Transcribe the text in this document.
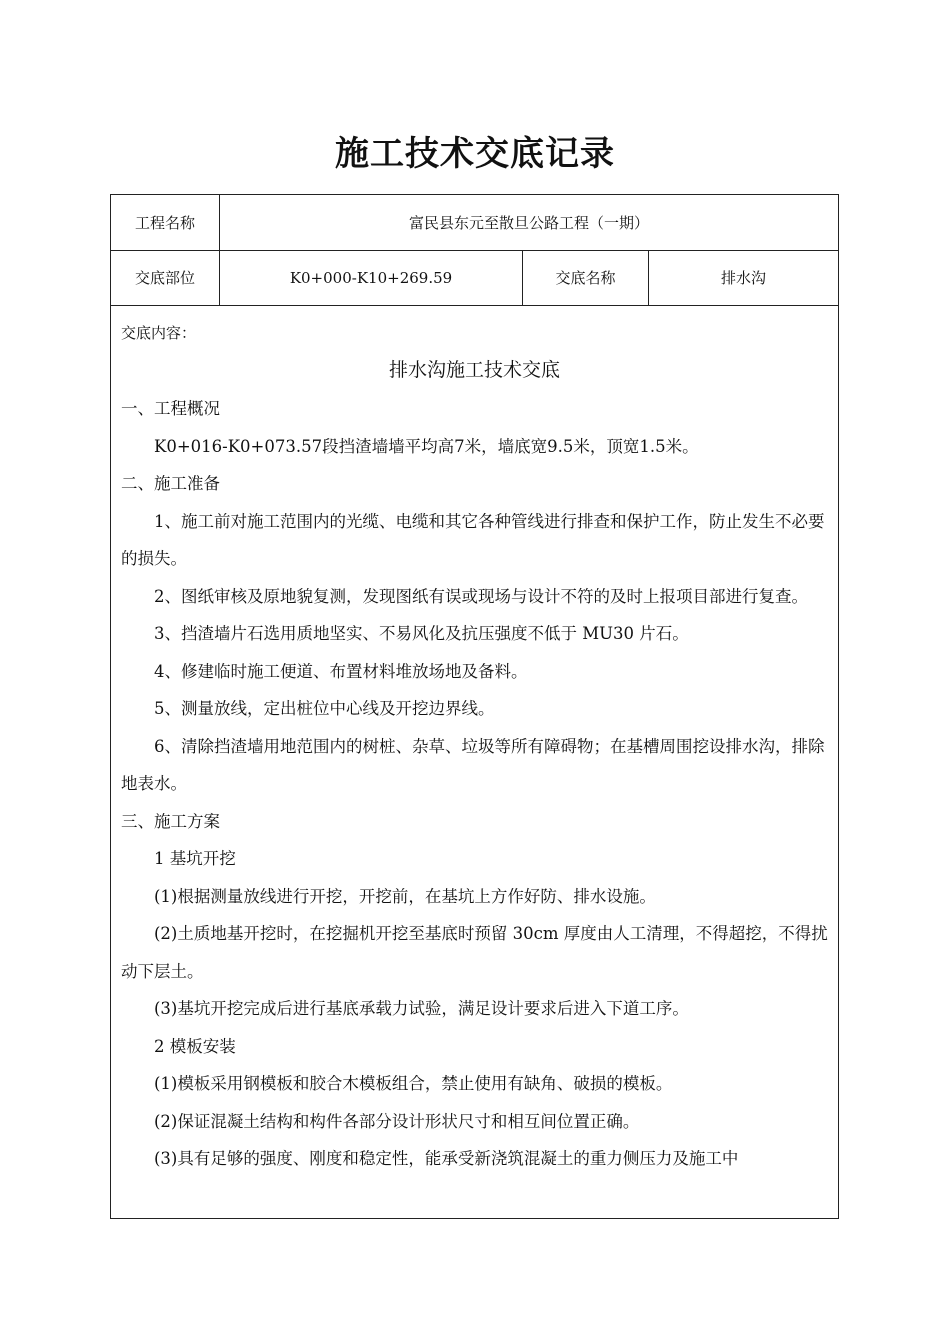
施工技术交底记录
工程名称	富民县东元至散旦公路工程（一期）
交底部位	K0+000-K10+269.59	交底名称	排水沟

交底内容：

排水沟施工技术交底

一、工程概况

K0+016-K0+073.57段挡渣墙墙平均高7米，墙底宽9.5米，顶宽1.5米。

二、施工准备

1、施工前对施工范围内的光缆、电缆和其它各种管线进行排查和保护工作，防止发生不必要的损失。

2、图纸审核及原地貌复测，发现图纸有误或现场与设计不符的及时上报项目部进行复查。

3、挡渣墙片石选用质地坚实、不易风化及抗压强度不低于 MU30 片石。

4、修建临时施工便道、布置材料堆放场地及备料。

5、测量放线，定出桩位中心线及开挖边界线。

6、清除挡渣墙用地范围内的树桩、杂草、垃圾等所有障碍物；在基槽周围挖设排水沟，排除地表水。

三、施工方案

1 基坑开挖

(1)根据测量放线进行开挖，开挖前，在基坑上方作好防、排水设施。

(2)土质地基开挖时，在挖掘机开挖至基底时预留 30cm 厚度由人工清理，不得超挖，不得扰动下层土。

(3)基坑开挖完成后进行基底承载力试验，满足设计要求后进入下道工序。

2 模板安装

(1)模板采用钢模板和胶合木模板组合，禁止使用有缺角、破损的模板。

(2)保证混凝土结构和构件各部分设计形状尺寸和相互间位置正确。

(3)具有足够的强度、刚度和稳定性，能承受新浇筑混凝土的重力侧压力及施工中
